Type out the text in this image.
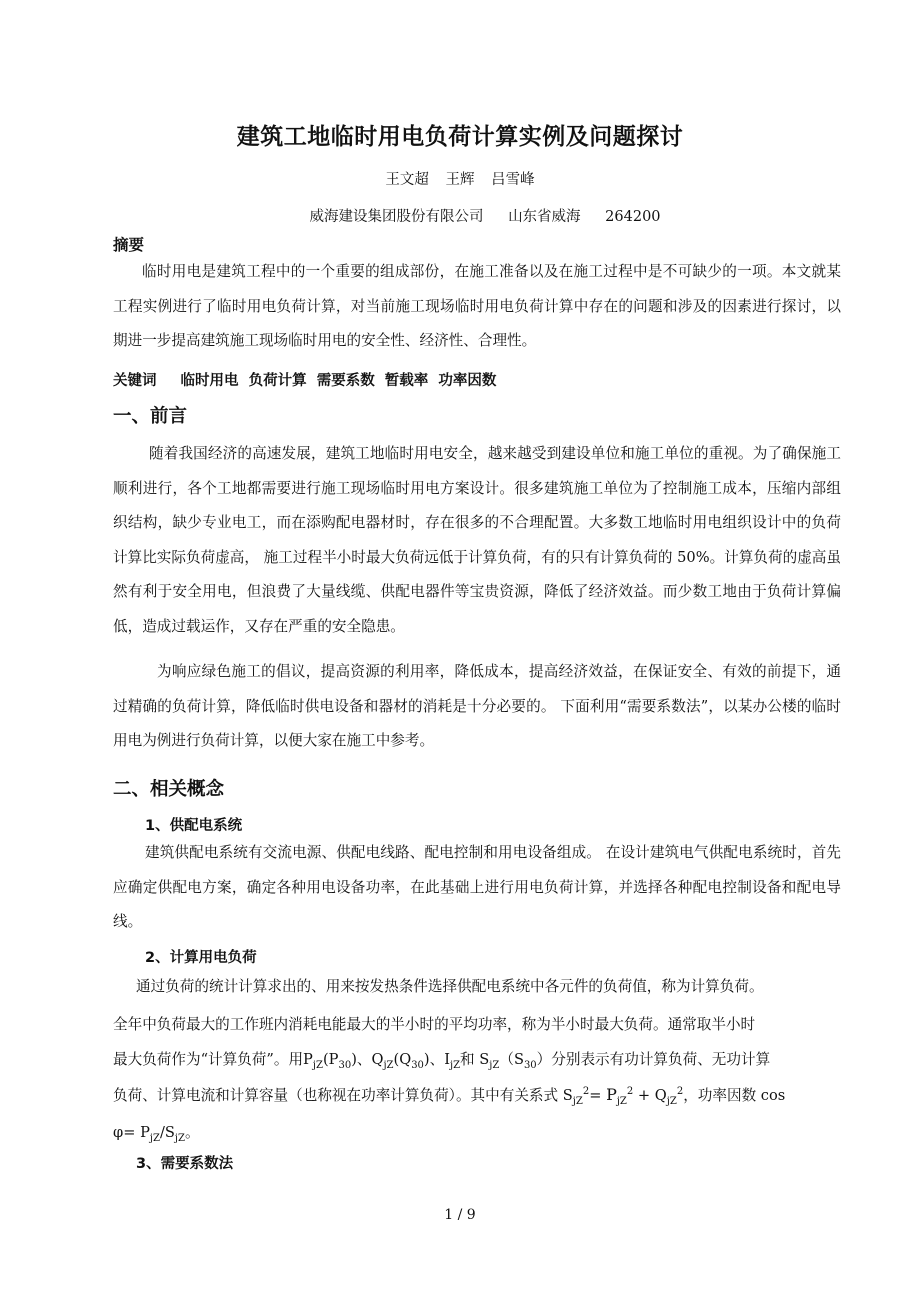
建筑工地临时用电负荷计算实例及问题探讨
王文超 王辉 吕雪峰
威海建设集团股份有限公司 山东省威海 264200
摘要
临时用电是建筑工程中的一个重要的组成部份，在施工准备以及在施工过程中是不可缺少的一项。本文就某工程实例进行了临时用电负荷计算，对当前施工现场临时用电负荷计算中存在的问题和涉及的因素进行探讨，以期进一步提高建筑施工现场临时用电的安全性、经济性、合理性。
关键词 临时用电  负荷计算  需要系数  暂载率  功率因数
一、前言
随着我国经济的高速发展，建筑工地临时用电安全，越来越受到建设单位和施工单位的重视。为了确保施工顺利进行，各个工地都需要进行施工现场临时用电方案设计。很多建筑施工单位为了控制施工成本，压缩内部组织结构，缺少专业电工，而在添购配电器材时，存在很多的不合理配置。大多数工地临时用电组织设计中的负荷计算比实际负荷虚高， 施工过程半小时最大负荷远低于计算负荷，有的只有计算负荷的 50%。计算负荷的虚高虽然有利于安全用电，但浪费了大量线缆、供配电器件等宝贵资源，降低了经济效益。而少数工地由于负荷计算偏低，造成过载运作，又存在严重的安全隐患。
为响应绿色施工的倡议，提高资源的利用率，降低成本，提高经济效益，在保证安全、有效的前提下，通过精确的负荷计算，降低临时供电设备和器材的消耗是十分必要的。 下面利用“需要系数法”，以某办公楼的临时用电为例进行负荷计算，以便大家在施工中参考。
二、相关概念
1、供配电系统
建筑供配电系统有交流电源、供配电线路、配电控制和用电设备组成。 在设计建筑电气供配电系统时，首先应确定供配电方案，确定各种用电设备功率，在此基础上进行用电负荷计算，并选择各种配电控制设备和配电导线。
2、计算用电负荷
通过负荷的统计计算求出的、用来按发热条件选择供配电系统中各元件的负荷值，称为计算负荷。
全年中负荷最大的工作班内消耗电能最大的半小时的平均功率，称为半小时最大负荷。通常取半小时
最大负荷作为“计算负荷”。用$P_{jZ}(P_{30})$、$Q_{jZ}(Q_{30})$、$I_{jZ}$和 $S_{jZ}(S_{30})$分别表示有功计算负荷、无功计算
负荷、计算电流和计算容量（也称视在功率计算负荷）。其中有关系式 $S_{jZ}^2= P_{jZ}^2 + Q_{jZ}^2$，功率因数 cos
$\varphi= P_{jZ}/S_{jZ}$。
3、需要系数法
1 / 9
